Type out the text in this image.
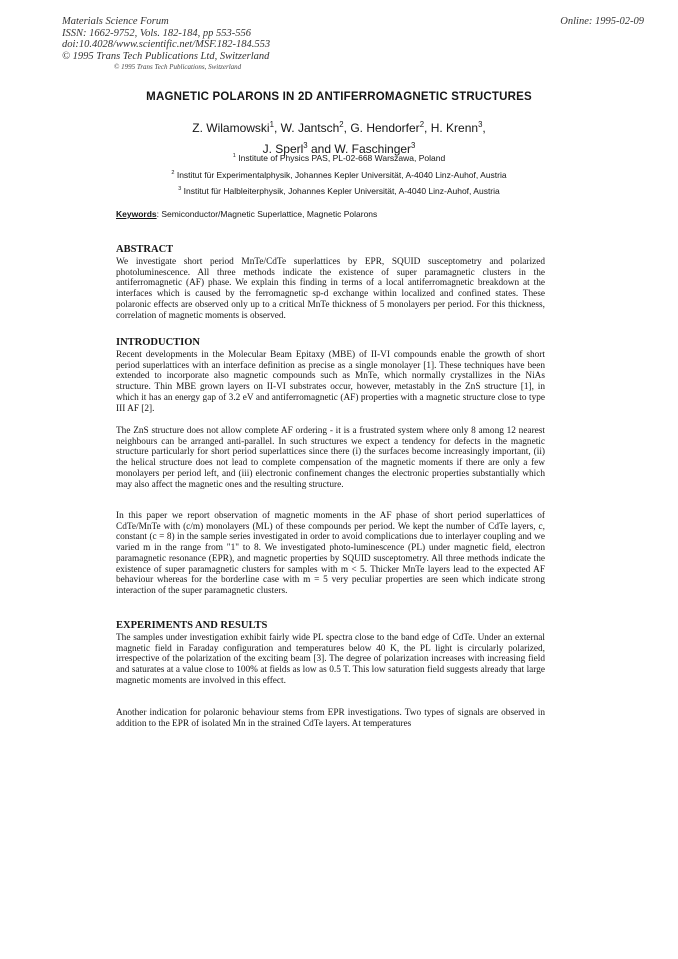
Materials Science Forum
ISSN: 1662-9752, Vols. 182-184, pp 553-556
doi:10.4028/www.scientific.net/MSF.182-184.553
© 1995 Trans Tech Publications Ltd, Switzerland
© 1995 Trans Tech Publications, Switzerland
Online: 1995-02-09
MAGNETIC POLARONS IN 2D ANTIFERROMAGNETIC STRUCTURES
Z. Wilamowski$^1$, W. Jantsch$^2$, G. Hendorfer$^2$, H. Krenn$^3$,
J. Sperl$^3$ and W. Faschinger$^3$
$^1$ Institute of Physics PAS, PL-02-668 Warszawa, Poland
$^2$ Institut für Experimentalphysik, Johannes Kepler Universität, A-4040 Linz-Auhof, Austria
$^3$ Institut für Halbleiterphysik, Johannes Kepler Universität, A-4040 Linz-Auhof, Austria
Keywords: Semiconductor/Magnetic Superlattice, Magnetic Polarons
ABSTRACT
We investigate short period MnTe/CdTe superlattices by EPR, SQUID susceptometry and polarized photoluminescence. All three methods indicate the existence of super paramagnetic clusters in the antiferromagnetic (AF) phase. We explain this finding in terms of a local antiferromagnetic breakdown at the interfaces which is caused by the ferromagnetic sp-d exchange within localized and confined states. These polaronic effects are observed only up to a critical MnTe thickness of 5 monolayers per period. For this thickness, correlation of magnetic moments is observed.
INTRODUCTION
Recent developments in the Molecular Beam Epitaxy (MBE) of II-VI compounds enable the growth of short period superlattices with an interface definition as precise as a single monolayer [1]. These techniques have been extended to incorporate also magnetic compounds such as MnTe, which normally crystallizes in the NiAs structure. Thin MBE grown layers on II-VI substrates occur, however, metastably in the ZnS structure [1], in which it has an energy gap of 3.2 eV and antiferromagnetic (AF) properties with a magnetic structure close to type III AF [2].
The ZnS structure does not allow complete AF ordering - it is a frustrated system where only 8 among 12 nearest neighbours can be arranged anti-parallel. In such structures we expect a tendency for defects in the magnetic structure particularly for short period superlattices since there (i) the surfaces become increasingly important, (ii) the helical structure does not lead to complete compensation of the magnetic moments if there are only a few monolayers per period left, and (iii) electronic confinement changes the electronic properties substantially which may also affect the magnetic ones and the resulting structure.
In this paper we report observation of magnetic moments in the AF phase of short period superlattices of CdTe/MnTe with (c/m) monolayers (ML) of these compounds per period. We kept the number of CdTe layers, c, constant (c = 8) in the sample series investigated in order to avoid complications due to interlayer coupling and we varied m in the range from "1" to 8. We investigated photo-luminescence (PL) under magnetic field, electron paramagnetic resonance (EPR), and magnetic properties by SQUID susceptometry. All three methods indicate the existence of super paramagnetic clusters for samples with m < 5. Thicker MnTe layers lead to the expected AF behaviour whereas for the borderline case with m = 5 very peculiar properties are seen which indicate strong interaction of the super paramagnetic clusters.
EXPERIMENTS AND RESULTS
The samples under investigation exhibit fairly wide PL spectra close to the band edge of CdTe. Under an external magnetic field in Faraday configuration and temperatures below 40 K, the PL light is circularly polarized, irrespective of the polarization of the exciting beam [3]. The degree of polarization increases with increasing field and saturates at a value close to 100% at fields as low as 0.5 T. This low saturation field suggests already that large magnetic moments are involved in this effect.
Another indication for polaronic behaviour stems from EPR investigations. Two types of signals are observed in addition to the EPR of isolated Mn in the strained CdTe layers. At temperatures
